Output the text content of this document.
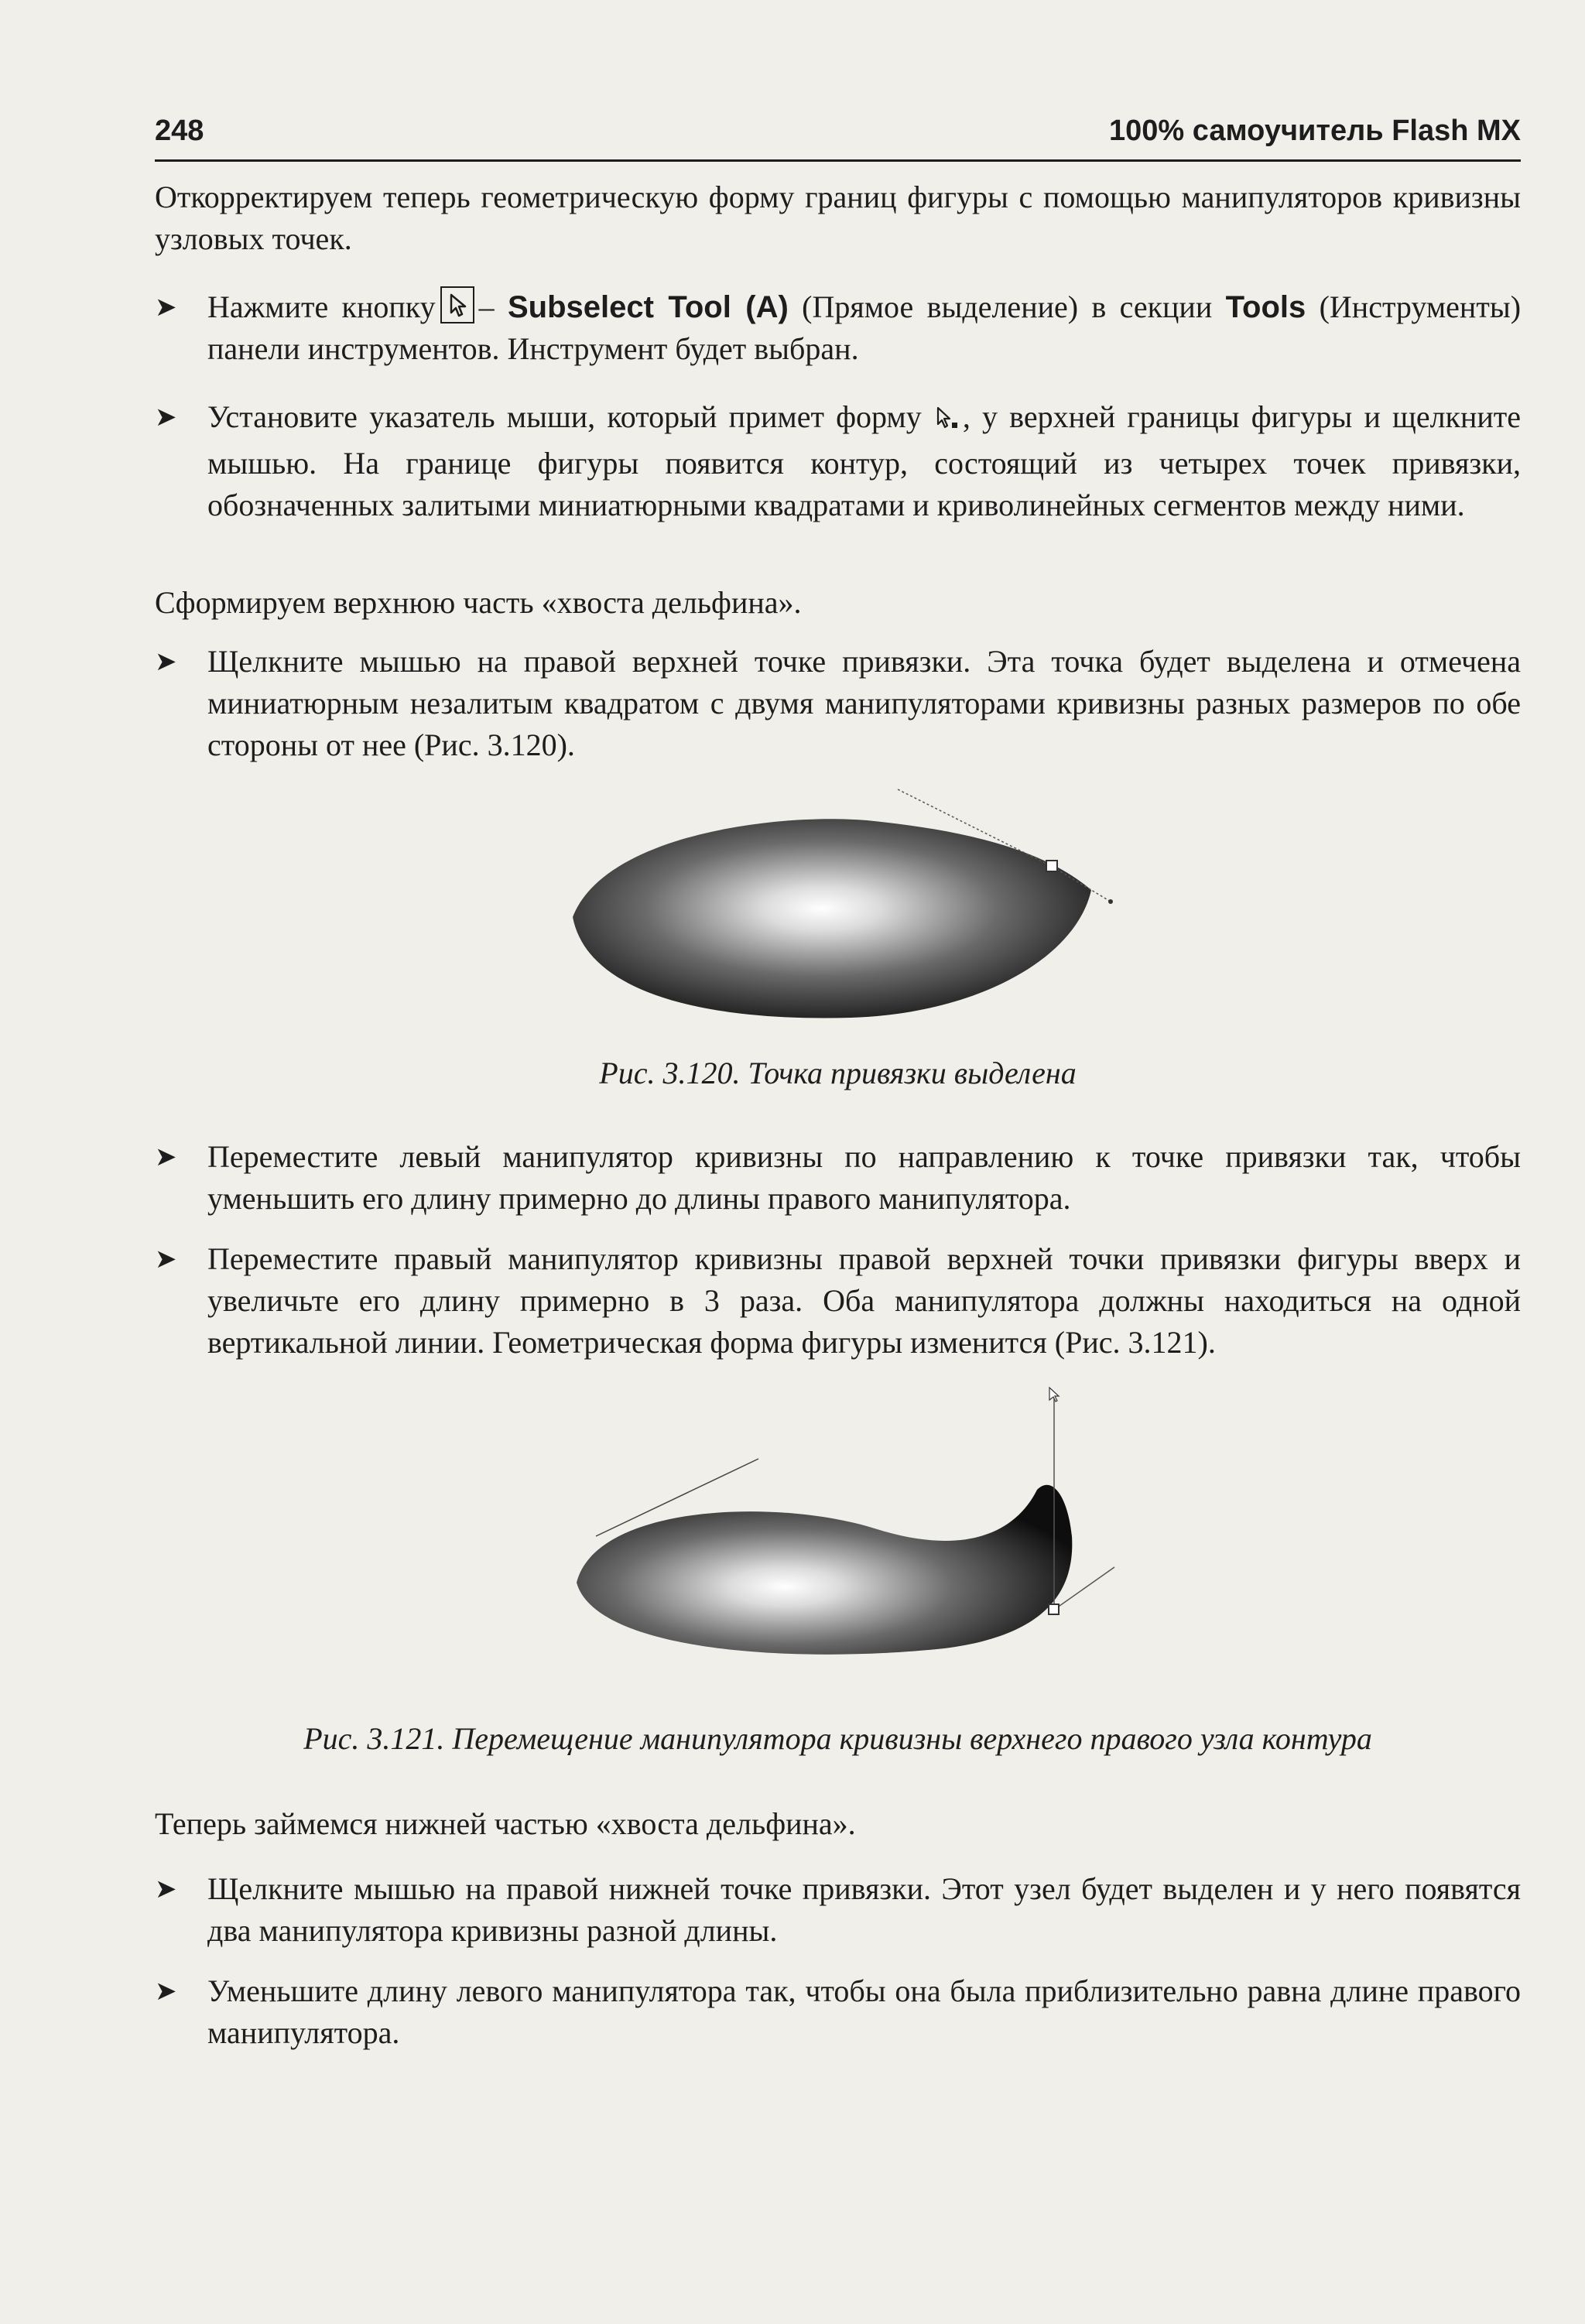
248	100% самоучитель Flash MX

Откорректируем теперь геометрическую форму границ фигуры с помощью манипуляторов кривизны узловых точек.

➤ Нажмите кнопку – Subselect Tool (A) (Прямое выделение) в секции Tools (Инструменты) панели инструментов. Инструмент будет выбран.
➤ Установите указатель мыши, который примет форму , у верхней границы фигуры и щелкните мышью. На границе фигуры появится контур, состоящий из четырех точек привязки, обозначенных залитыми миниатюрными квадратами и криволинейных сегментов между ними.

Сформируем верхнюю часть «хвоста дельфина».

➤ Щелкните мышью на правой верхней точке привязки. Эта точка будет выделена и отмечена миниатюрным незалитым квадратом с двумя манипуляторами кривизны разных размеров по обе стороны от нее (Рис. 3.120).
Рис. 3.120. Точка привязки выделена
➤ Переместите левый манипулятор кривизны по направлению к точке привязки так, чтобы уменьшить его длину примерно до длины правого манипулятора.
➤ Переместите правый манипулятор кривизны правой верхней точки привязки фигуры вверх и увеличьте его длину примерно в 3 раза. Оба манипулятора должны находиться на одной вертикальной линии. Геометрическая форма фигуры изменится (Рис. 3.121).
Рис. 3.121. Перемещение манипулятора кривизны верхнего правого узла контура

Теперь займемся нижней частью «хвоста дельфина».

➤ Щелкните мышью на правой нижней точке привязки. Этот узел будет выделен и у него появятся два манипулятора кривизны разной длины.
➤ Уменьшите длину левого манипулятора так, чтобы она была приблизительно равна длине правого манипулятора.
